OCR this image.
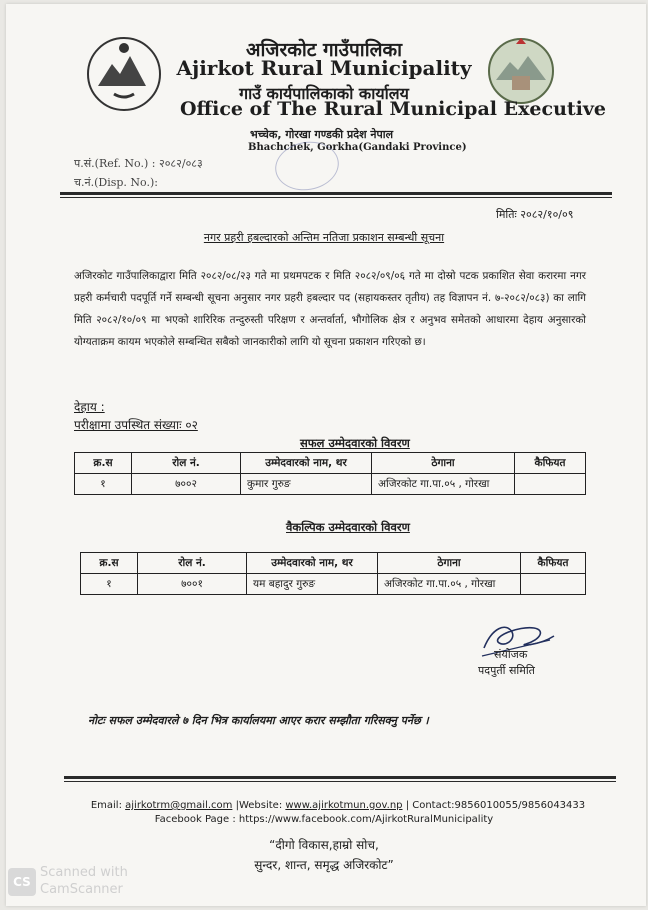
अजिरकोट गाउँपालिका
Ajirkot Rural Municipality
गाउँ कार्यपालिकाको कार्यालय
Office of The Rural Municipal Executive
भच्चेक, गोरखा गण्डकी प्रदेश नेपाल
Bhachchek, Gorkha(Gandaki Province)
प.सं.(Ref. No.) : २०८२/०८३
च.नं.(Disp. No.):
मितिः २०८२/१०/०९
नगर प्रहरी हबल्दारको अन्तिम नतिजा प्रकाशन सम्बन्धी सूचना
अजिरकोट गाउँपालिकाद्वारा मिति २०८२/०८/२३ गते मा प्रथमपटक र मिति २०८२/०९/०६ गते मा दोस्रो पटक प्रकाशित सेवा करारमा नगर प्रहरी कर्मचारी पदपूर्ति गर्ने सम्बन्धी सूचना अनुसार नगर प्रहरी हबल्दार पद (सहायकस्तर तृतीय) तह विज्ञापन नं. ७-२०८२/०८३) का लागि मिति २०८२/१०/०९ मा भएको शारिरिक तन्दुरुस्ती परिक्षण र अन्तर्वार्ता, भौगोलिक क्षेत्र र अनुभव समेतको आधारमा देहाय अनुसारको योग्यताक्रम कायम भएकोले सम्बन्धित सबैको जानकारीको लागि यो सूचना प्रकाशन गरिएको छ।
देहाय :
परीक्षामा उपस्थित संख्याः ०२
सफल उम्मेदवारको विवरण
क्र.स	रोल नं.	उम्मेदवारको नाम, थर	ठेगाना	कैफियत
१	७००२	कुमार गुरुङ	अजिरकोट गा.पा.०५ , गोरखा	
वैकल्पिक उम्मेदवारको विवरण
क्र.स	रोल नं.	उम्मेदवारको नाम, थर	ठेगाना	कैफियत
१	७००१	यम बहादुर गुरुङ	अजिरकोट गा.पा.०५ , गोरखा	
संयोजक
पदपुर्ती समिति
नोटः सफल उम्मेदवारले ७ दिन भित्र कार्यालयमा आएर करार सम्झौता गरिसक्नु पर्नेछ ।
Email: ajirkotrm@gmail.com |Website: www.ajirkotmun.gov.np | Contact:9856010055/9856043433
Facebook Page : https://www.facebook.com/AjirkotRuralMunicipality
“दीगो विकास,हाम्रो सोच,
सुन्दर, शान्त, समृद्ध अजिरकोट”
CS
Scanned with
CamScanner
